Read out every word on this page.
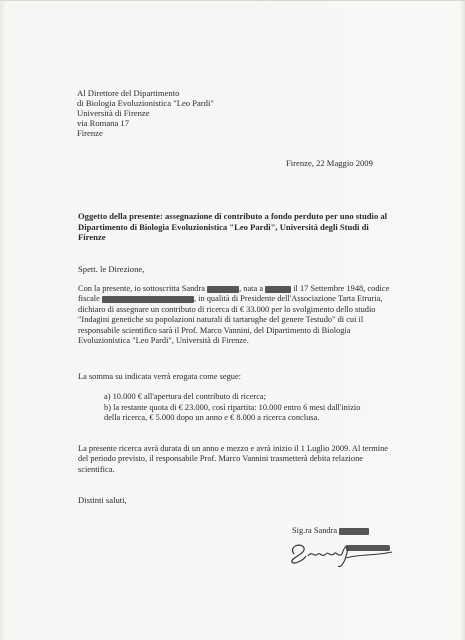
Al Direttore del Dipartimento
di Biologia Evoluzionistica "Leo Pardi"
Università di Firenze
via Romana 17
Firenze
Firenze, 22 Maggio 2009
Oggetto della presente: assegnazione di contributo a fondo perduto per uno studio al Dipartimento di Biologia Evoluzionistica "Leo Pardi", Università degli Studi di Firenze
Spett. le Direzione,
Con la presente, io sottoscritta Sandra	, nata a	il 17 Settembre 1948, codice fiscale	, in qualità di Presidente dell'Associazione Tarta Etruria, dichiaro di assegnare un contributo di ricerca di € 33.000 per lo svolgimento dello studio "Indagini genetiche su popolazioni naturali di tartarughe del genere Testudo" di cui il responsabile scientifico sarà il Prof. Marco Vannini, del Dipartimento di Biologia Evoluzionistica "Leo Pardi", Università di Firenze.
La somma su indicata verrà erogata come segue:
a) 10.000 € all'apertura del contributo di ricerca;
b) la restante quota di € 23.000, così ripartita: 10.000 entro 6 mesi dall'inizio della ricerca, € 5.000 dopo un anno e € 8.000 a ricerca conclusa.
La presente ricerca avrà durata di un anno e mezzo e avrà inizio il 1 Luglio 2009. Al termine del periodo previsto, il responsabile Prof. Marco Vannini trasmetterà debita relazione scientifica.
Distinti saluti,
Sig.ra Sandra
